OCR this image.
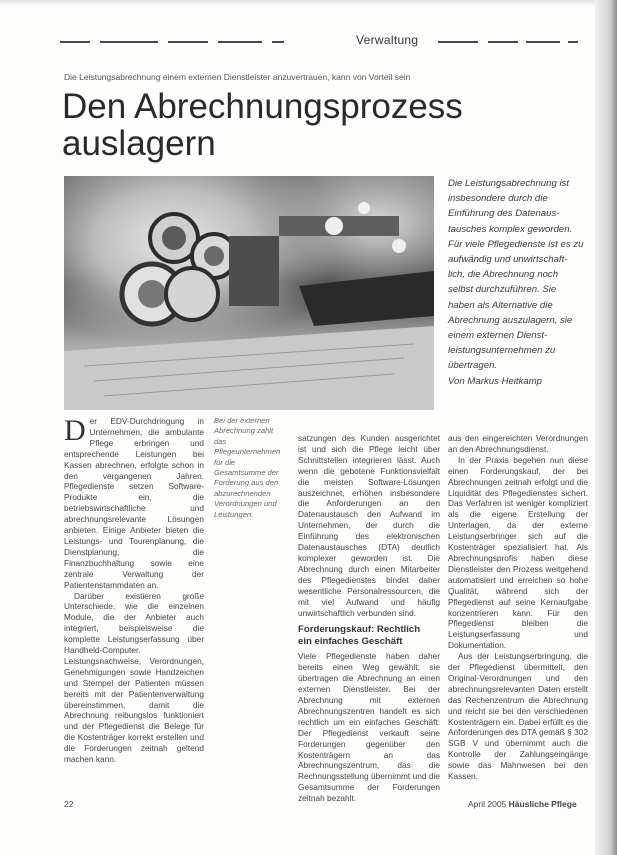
Verwaltung
Die Leistungsabrechnung einem externen Dienstleister anzuvertrauen, kann von Vorteil sein
Den Abrechnungsprozess
auslagern
Die Leistungsabrechnung ist
insbesondere durch die
Einführung des Datenaus-
tausches komplex geworden.
Für viele Pflegedienste ist es zu
aufwändig und unwirtschaft-
lich, die Abrechnung noch
selbst durchzuführen. Sie
haben als Alternative die
Abrechnung auszulagern, sie
einem externen Dienst-
leistungsunternehmen zu
übertragen.
Von Markus Heitkamp

Der EDV-Durchdringung in Unternehmen, die ambulante Pflege erbringen und entsprechende Leistungen bei Kassen abrechnen, erfolgte schon in den vergangenen Jahren. Pflegedienste setzen Software-Produkte ein, die betriebswirtschaftliche und abrechnungsrelevante Lösungen anbieten. Einige Anbieter bieten die Leistungs- und Tourenplanung, die Dienstplanung, die Finanzbuchhaltung sowie eine zentrale Verwaltung der Patientenstammdaten an.

Darüber existieren große Unterschiede, wie die einzelnen Module, die der Anbieter auch integriert, beispielsweise die komplette Leistungserfassung über Handheld-Computer. Leistungsnachweise, Verordnungen, Genehmigungen sowie Handzeichen und Stempel der Patienten müssen bereits mit der Patientenverwaltung übereinstimmen, damit die Abrechnung reibungslos funktioniert und der Pflegedienst die Belege für die Kostenträger korrekt erstellen und die Forderungen zeitnah geltend machen kann.

Bei der externen Abrechnung zahlt das Pflegeunternehmen für die Gesamtsumme der Forderung aus den abzurechnenden Verordnungen und Leistungen.

satzungen des Kunden ausgerichtet ist und sich die Pflege leicht über Schnittstellen integrieren lässt. Auch wenn die gebotene Funktionsvielfalt die meisten Software-Lösungen auszeichnet, erhöhen insbesondere die Anforderungen an den Datenaustausch den Aufwand im Unternehmen, der durch die Einführung des elektronischen Datenaustausches (DTA) deutlich komplexer geworden ist. Die Abrechnung durch einen Mitarbeiter des Pflegedienstes bindet daher wesentliche Personalressourcen, die mit viel Aufwand und häufig unwirtschaftlich verbunden sind.

Forderungskauf: Rechtlich
ein einfaches Geschäft

Viele Pflegedienste haben daher bereits einen Weg gewählt: sie übertragen die Abrechnung an einen externen Dienstleister. Bei der Abrechnung mit externen Abrechnungszentren handelt es sich rechtlich um ein einfaches Geschäft: Der Pflegedienst verkauft seine Forderungen gegenüber den Kostenträgern an das Abrechnungszentrum, das die Rechnungsstellung übernimmt und die Gesamtsumme der Forderungen zeitnah bezahlt.

aus den eingereichten Verordnungen an den Abrechnungsdienst.

In der Praxis begehen nun diese einen Forderungskauf, der bei Abrechnungen zeitnah erfolgt und die Liquidität des Pflegedienstes sichert. Das Verfahren ist weniger kompliziert als die eigene Erstellung der Unterlagen, da der externe Leistungserbringer sich auf die Kostenträger spezialisiert hat. Als Abrechnungsprofis haben diese Dienstleister den Prozess weitgehend automatisiert und erreichen so hohe Qualität, während sich der Pflegedienst auf seine Kernaufgabe konzentrieren kann. Für den Pflegedienst bleiben die Leistungserfassung und Dokumentation.

Aus der Leistungserbringung, die der Pflegedienst übermittelt, den Original-Verordnungen und den abrechnungsrelevanten Daten erstellt das Rechenzentrum die Abrechnung und reicht sie bei den verschiedenen Kostenträgern ein. Dabei erfüllt es die Anforderungen des DTA gemäß § 302 SGB V und übernimmt auch die Kontrolle der Zahlungseingänge sowie das Mahnwesen bei den Kassen.

22	April 2005 Häusliche Pflege
